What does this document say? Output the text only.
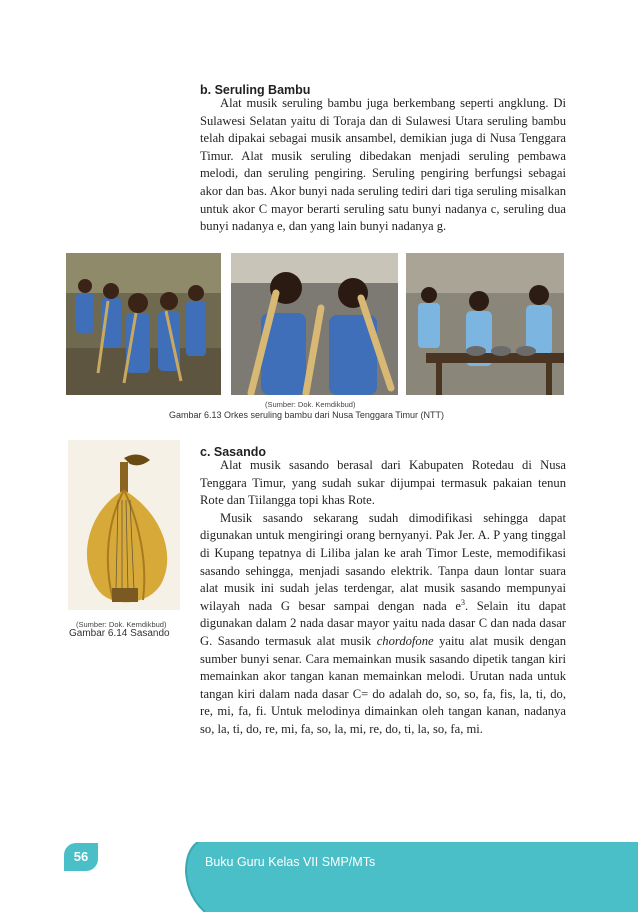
b. Seruling Bambu

Alat musik seruling bambu juga berkembang seperti angklung. Di Sulawesi Selatan yaitu di Toraja dan di Sulawesi Utara seruling bambu telah dipakai sebagai musik ansambel, demikian juga di Nusa Tenggara Timur. Alat musik seruling dibedakan menjadi seruling pembawa melodi, dan seruling pengiring. Seruling pengiring berfungsi sebagai akor dan bas. Akor bunyi nada seruling tediri dari tiga seruling misalkan untuk akor C mayor berarti seruling satu bunyi nadanya c, seruling dua bunyi nadanya e, dan yang lain bunyi nadanya g.

(Sumber: Dok. Kemdikbud)
Gambar 6.13 Orkes seruling bambu dari Nusa Tenggara Timur (NTT)
(Sumber: Dok. Kemdikbud)
Gambar 6.14 Sasando
c. Sasando

Alat musik sasando berasal dari Kabupaten Rotedau di Nusa Tenggara Timur, yang sudah sukar dijumpai termasuk pakaian tenun Rote dan Tiilangga topi khas Rote.

Musik sasando sekarang sudah dimodifikasi sehingga dapat digunakan untuk mengiringi orang bernyanyi. Pak Jer. A. P yang tinggal di Kupang tepatnya di Liliba jalan ke arah Timor Leste, memodifikasi sasando sehingga, menjadi sasando elektrik. Tanpa daun lontar suara alat musik ini sudah jelas terdengar, alat musik sasando mempunyai wilayah nada G besar sampai dengan nada $e^3$. Selain itu dapat digunakan dalam 2 nada dasar mayor yaitu nada dasar C dan nada dasar G. Sasando termasuk alat musik chordofone yaitu alat musik dengan sumber bunyi senar. Cara memainkan musik sasando dipetik tangan kiri memainkan akor tangan kanan memainkan melodi. Urutan nada untuk tangan kiri dalam nada dasar C= do adalah do, so, so, fa, fis, la, ti, do, re, mi, fa, fi. Untuk melodinya dimainkan oleh tangan kanan, nadanya so, la, ti, do, re, mi, fa, so, la, mi, re, do, ti, la, so, fa, mi.

56	Buku Guru Kelas VII SMP/MTs
